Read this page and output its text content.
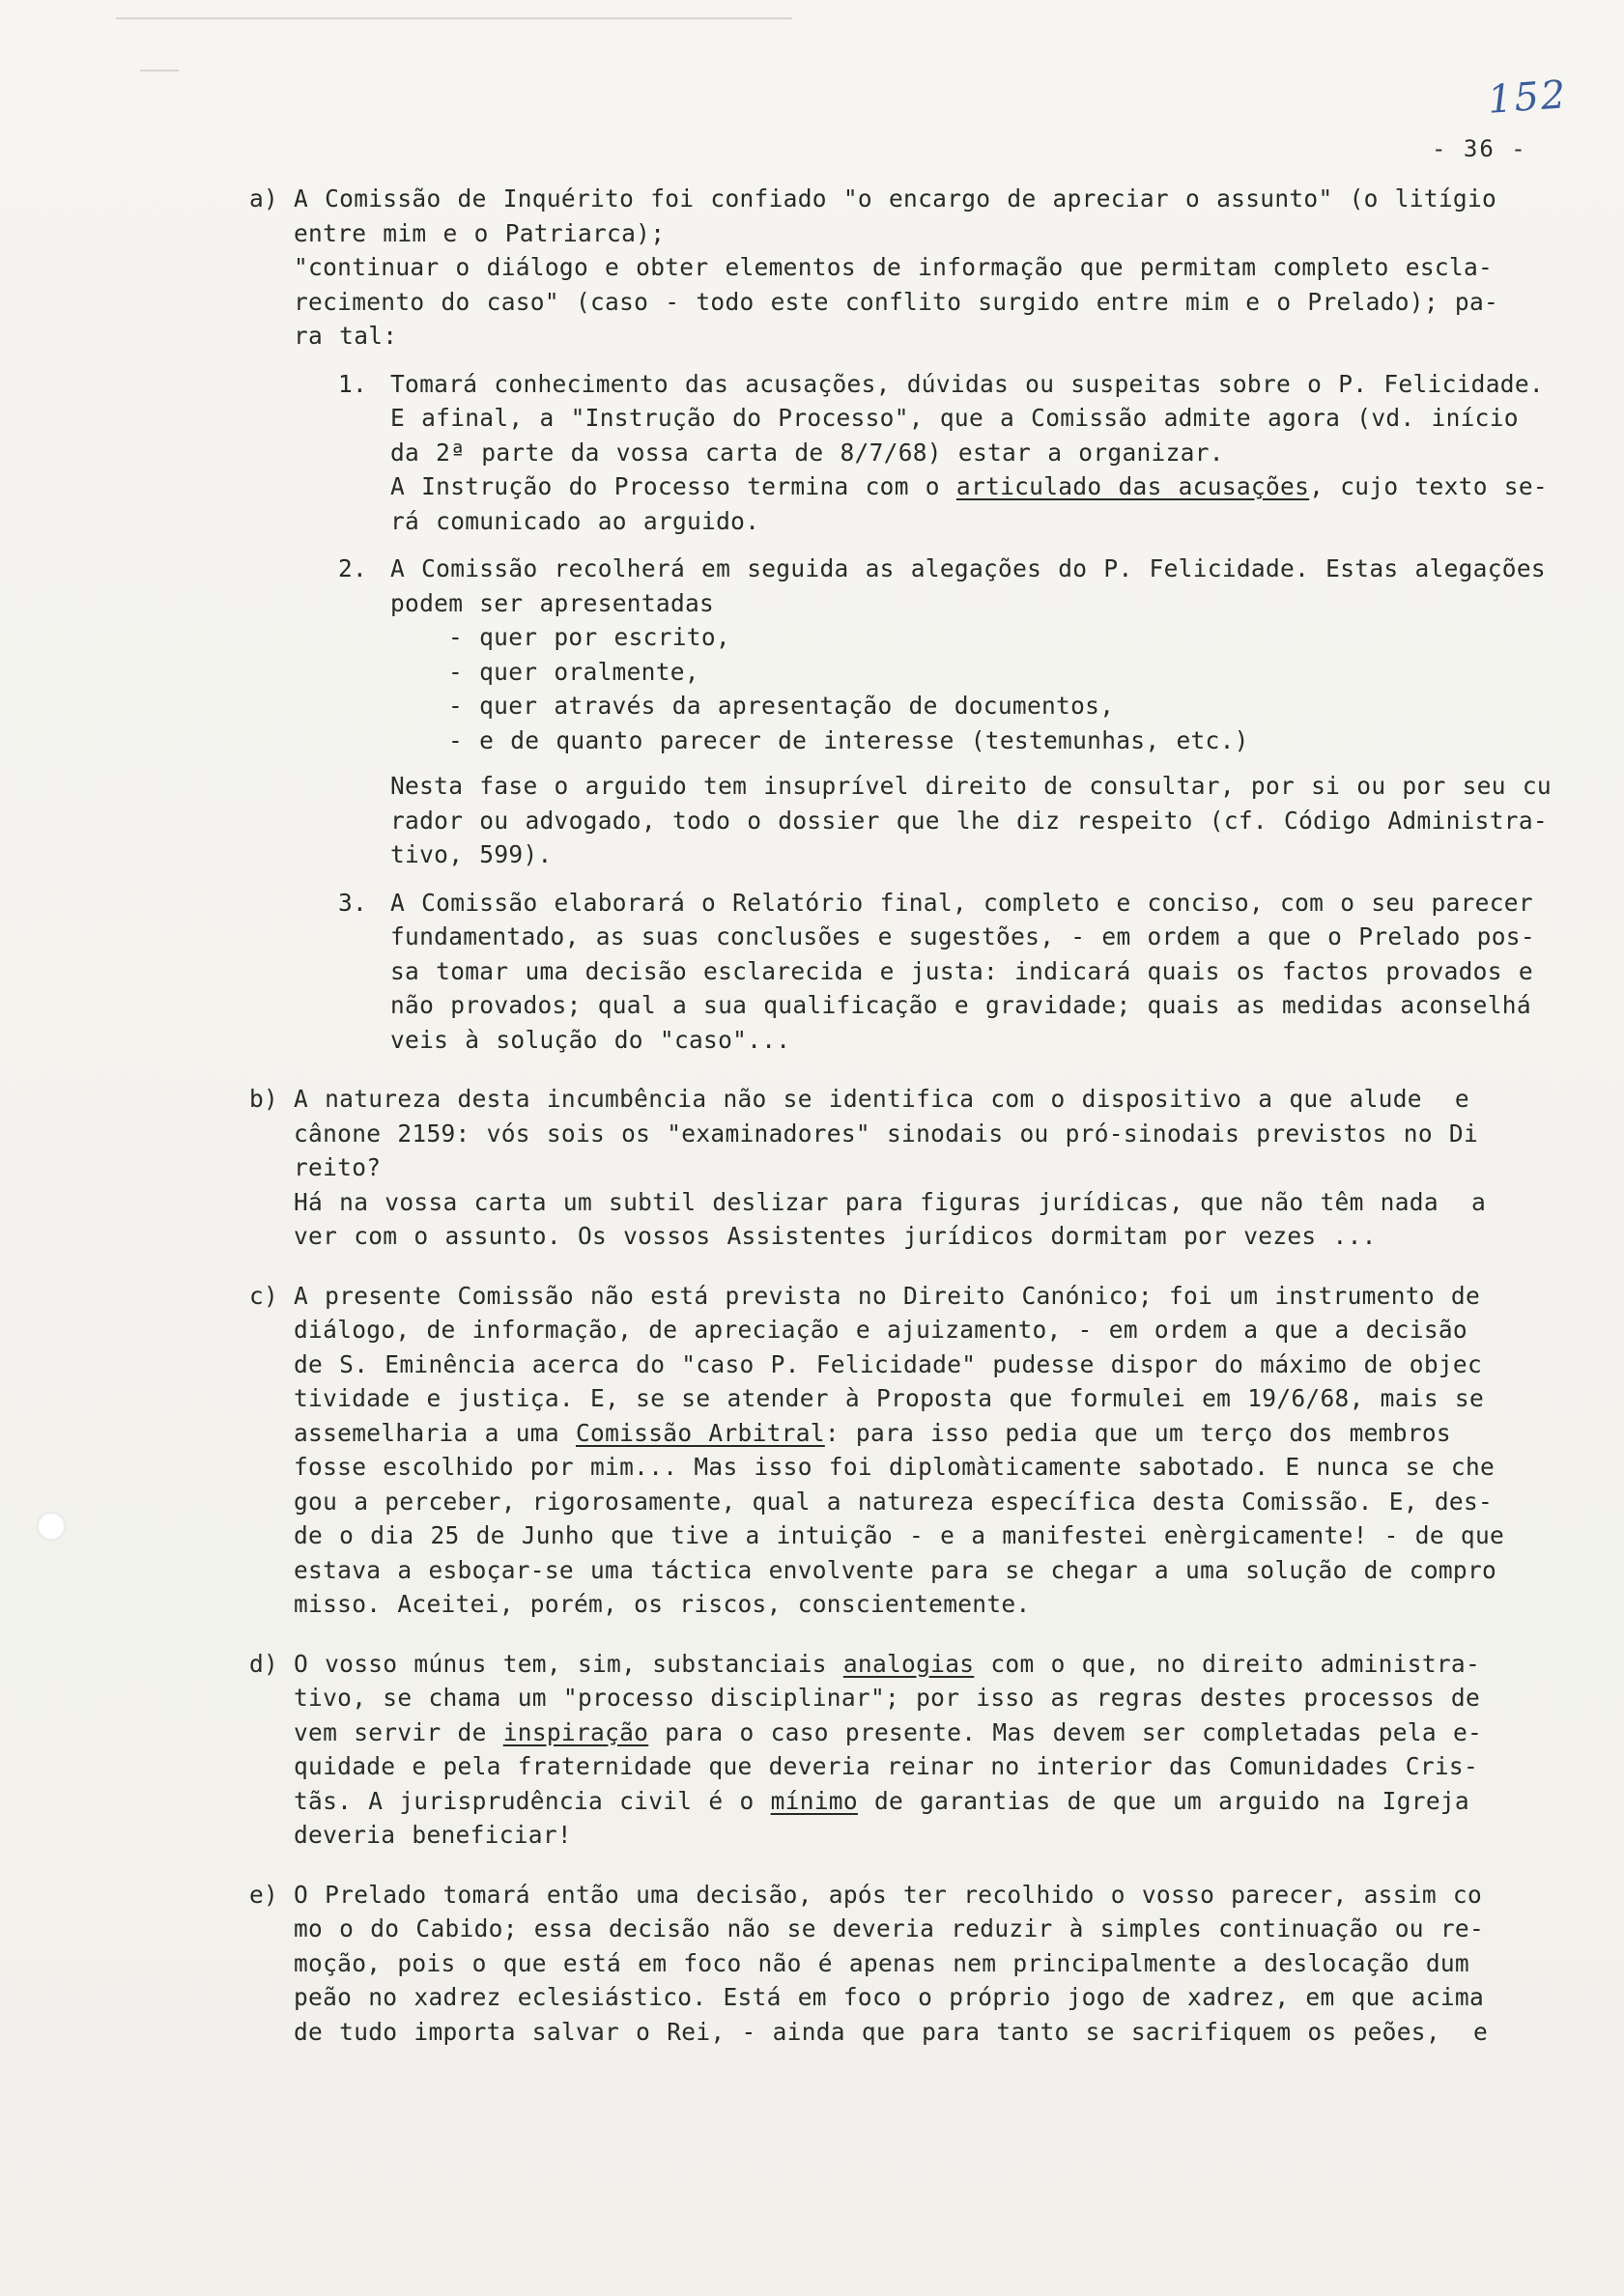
152
- 36 -
a) A Comissão de Inquérito foi confiado "o encargo de apreciar o assunto" (o litígio
entre mim e o Patriarca);
"continuar o diálogo e obter elementos de informação que permitam completo escla-
recimento do caso" (caso - todo este conflito surgido entre mim e o Prelado); pa-
ra tal:
1. Tomará conhecimento das acusações, dúvidas ou suspeitas sobre o P. Felicidade.
E afinal, a "Instrução do Processo", que a Comissão admite agora (vd. início
da 2ª parte da vossa carta de 8/7/68) estar a organizar.
A Instrução do Processo termina com o articulado das acusações, cujo texto se-
rá comunicado ao arguido.
2. A Comissão recolherá em seguida as alegações do P. Felicidade. Estas alegações
podem ser apresentadas
- quer por escrito,
- quer oralmente,
- quer através da apresentação de documentos,
- e de quanto parecer de interesse (testemunhas, etc.)
Nesta fase o arguido tem insuprível direito de consultar, por si ou por seu cu
rador ou advogado, todo o dossier que lhe diz respeito (cf. Código Administra-
tivo, 599).
3. A Comissão elaborará o Relatório final, completo e conciso, com o seu parecer
fundamentado, as suas conclusões e sugestões, - em ordem a que o Prelado pos-
sa tomar uma decisão esclarecida e justa: indicará quais os factos provados e
não provados; qual a sua qualificação e gravidade; quais as medidas aconselhá
veis à solução do "caso"...
b) A natureza desta incumbência não se identifica com o dispositivo a que alude  e
cânone 2159: vós sois os "examinadores" sinodais ou pró-sinodais previstos no Di
reito?
Há na vossa carta um subtil deslizar para figuras jurídicas, que não têm nada  a
ver com o assunto. Os vossos Assistentes jurídicos dormitam por vezes ...
c) A presente Comissão não está prevista no Direito Canónico; foi um instrumento de
diálogo, de informação, de apreciação e ajuizamento, - em ordem a que a decisão
de S. Eminência acerca do "caso P. Felicidade" pudesse dispor do máximo de objec
tividade e justiça. E, se se atender à Proposta que formulei em 19/6/68, mais se
assemelharia a uma Comissão Arbitral: para isso pedia que um terço dos membros
fosse escolhido por mim... Mas isso foi diplomàticamente sabotado. E nunca se che
gou a perceber, rigorosamente, qual a natureza específica desta Comissão. E, des-
de o dia 25 de Junho que tive a intuição - e a manifestei enèrgicamente! - de que
estava a esboçar-se uma táctica envolvente para se chegar a uma solução de compro
misso. Aceitei, porém, os riscos, conscientemente.
d) O vosso múnus tem, sim, substanciais analogias com o que, no direito administra-
tivo, se chama um "processo disciplinar"; por isso as regras destes processos de
vem servir de inspiração para o caso presente. Mas devem ser completadas pela e-
quidade e pela fraternidade que deveria reinar no interior das Comunidades Cris-
tãs. A jurisprudência civil é o mínimo de garantias de que um arguido na Igreja
deveria beneficiar!
e) O Prelado tomará então uma decisão, após ter recolhido o vosso parecer, assim co
mo o do Cabido; essa decisão não se deveria reduzir à simples continuação ou re-
moção, pois o que está em foco não é apenas nem principalmente a deslocação dum
peão no xadrez eclesiástico. Está em foco o próprio jogo de xadrez, em que acima
de tudo importa salvar o Rei, - ainda que para tanto se sacrifiquem os peões,  e
